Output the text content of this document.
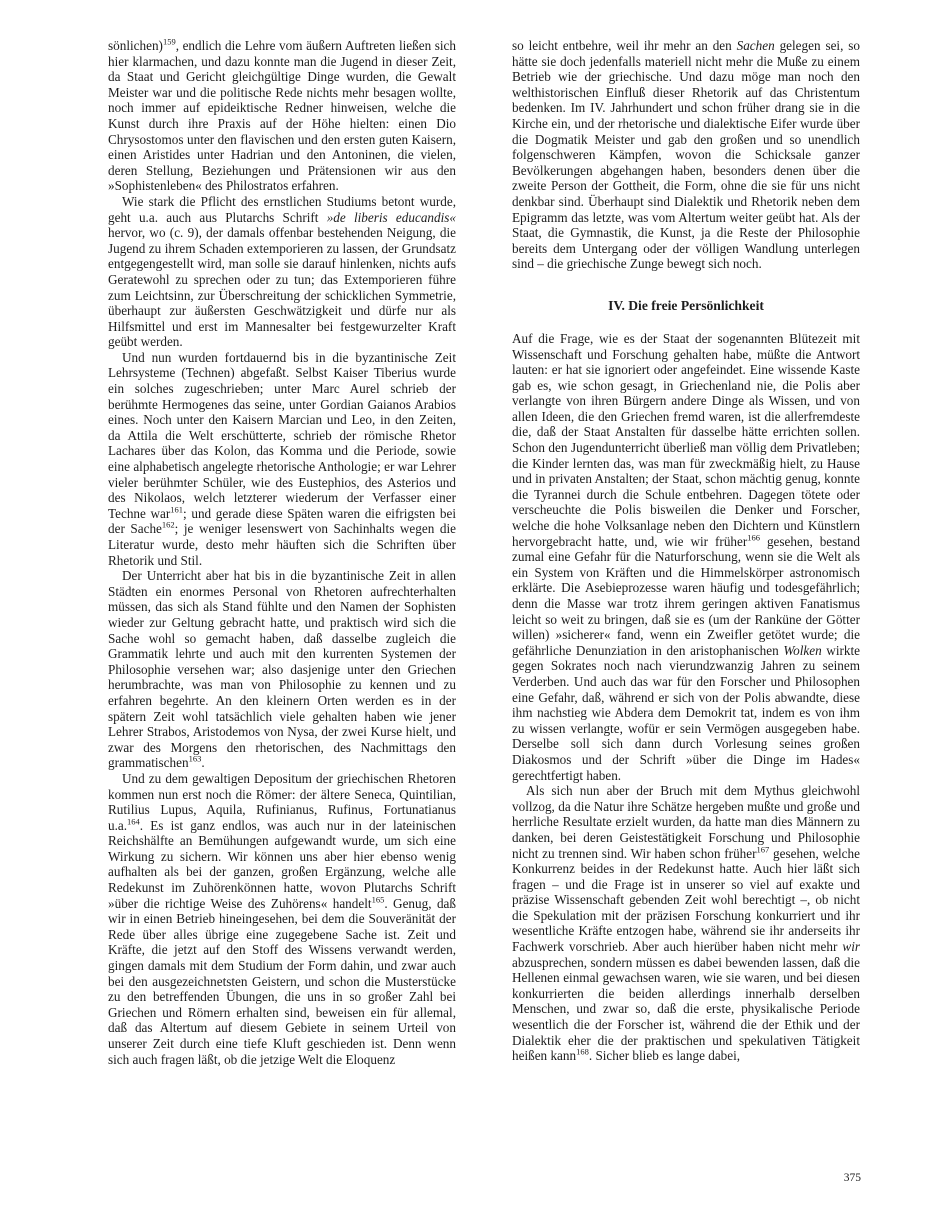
sönlichen)$^{159}$, endlich die Lehre vom äußern Auftreten ließen sich hier klarmachen, und dazu konnte man die Jugend in dieser Zeit, da Staat und Gericht gleichgültige Dinge wurden, die Gewalt Meister war und die politische Rede nichts mehr besagen wollte, noch immer auf epideiktische Redner hinweisen, welche die Kunst durch ihre Praxis auf der Höhe hielten: einen Dio Chrysostomos unter den flavischen und den ersten guten Kaisern, einen Aristides unter Hadrian und den Antoninen, die vielen, deren Stellung, Beziehungen und Prätensionen wir aus den »Sophistenleben« des Philostratos erfahren.

Wie stark die Pflicht des ernstlichen Studiums betont wurde, geht u.a. auch aus Plutarchs Schrift »de liberis educandis« hervor, wo (c. 9), der damals offenbar bestehenden Neigung, die Jugend zu ihrem Schaden extemporieren zu lassen, der Grundsatz entgegengestellt wird, man solle sie darauf hinlenken, nichts aufs Geratewohl zu sprechen oder zu tun; das Extemporieren führe zum Leichtsinn, zur Überschreitung der schicklichen Symmetrie, überhaupt zur äußersten Geschwätzigkeit und dürfe nur als Hilfsmittel und erst im Mannesalter bei festgewurzelter Kraft geübt werden.

Und nun wurden fortdauernd bis in die byzantinische Zeit Lehrsysteme (Technen) abgefaßt. Selbst Kaiser Tiberius wurde ein solches zugeschrieben; unter Marc Aurel schrieb der berühmte Hermogenes das seine, unter Gordian Gaianos Arabios eines. Noch unter den Kaisern Marcian und Leo, in den Zeiten, da Attila die Welt erschütterte, schrieb der römische Rhetor Lachares über das Kolon, das Komma und die Periode, sowie eine alphabetisch angelegte rhetorische Anthologie; er war Lehrer vieler berühmter Schüler, wie des Eustephios, des Asterios und des Nikolaos, welch letzterer wiederum der Verfasser einer Techne war$^{161}$; und gerade diese Späten waren die eifrigsten bei der Sache$^{162}$; je weniger lesenswert von Sachinhalts wegen die Literatur wurde, desto mehr häuften sich die Schriften über Rhetorik und Stil.

Der Unterricht aber hat bis in die byzantinische Zeit in allen Städten ein enormes Personal von Rhetoren aufrechterhalten müssen, das sich als Stand fühlte und den Namen der Sophisten wieder zur Geltung gebracht hatte, und praktisch wird sich die Sache wohl so gemacht haben, daß dasselbe zugleich die Grammatik lehrte und auch mit den kurrenten Systemen der Philosophie versehen war; also dasjenige unter den Griechen herumbrachte, was man von Philosophie zu kennen und zu erfahren begehrte. An den kleinern Orten werden es in der spätern Zeit wohl tatsächlich viele gehalten haben wie jener Lehrer Strabos, Aristodemos von Nysa, der zwei Kurse hielt, und zwar des Morgens den rhetorischen, des Nachmittags den grammatischen$^{163}$.

Und zu dem gewaltigen Depositum der griechischen Rhetoren kommen nun erst noch die Römer: der ältere Seneca, Quintilian, Rutilius Lupus, Aquila, Rufinianus, Rufinus, Fortunatianus u.a.$^{164}$. Es ist ganz endlos, was auch nur in der lateinischen Reichshälfte an Bemühungen aufgewandt wurde, um sich eine Wirkung zu sichern. Wir können uns aber hier ebenso wenig aufhalten als bei der ganzen, großen Ergänzung, welche alle Redekunst im Zuhörenkönnen hatte, wovon Plutarchs Schrift »über die richtige Weise des Zuhörens« handelt$^{165}$. Genug, daß wir in einen Betrieb hineingesehen, bei dem die Souveränität der Rede über alles übrige eine zugegebene Sache ist. Zeit und Kräfte, die jetzt auf den Stoff des Wissens verwandt werden, gingen damals mit dem Studium der Form dahin, und zwar auch bei den ausgezeichnetsten Geistern, und schon die Musterstücke zu den betreffenden Übungen, die uns in so großer Zahl bei Griechen und Römern erhalten sind, beweisen ein für allemal, daß das Altertum auf diesem Gebiete in seinem Urteil von unserer Zeit durch eine tiefe Kluft geschieden ist. Denn wenn sich auch fragen läßt, ob die jetzige Welt die Eloquenz

so leicht entbehre, weil ihr mehr an den Sachen gelegen sei, so hätte sie doch jedenfalls materiell nicht mehr die Muße zu einem Betrieb wie der griechische. Und dazu möge man noch den welthistorischen Einfluß dieser Rhetorik auf das Christentum bedenken. Im IV. Jahrhundert und schon früher drang sie in die Kirche ein, und der rhetorische und dialektische Eifer wurde über die Dogmatik Meister und gab den großen und so unendlich folgenschweren Kämpfen, wovon die Schicksale ganzer Bevölkerungen abgehangen haben, besonders denen über die zweite Person der Gottheit, die Form, ohne die sie für uns nicht denkbar sind. Überhaupt sind Dialektik und Rhetorik neben dem Epigramm das letzte, was vom Altertum weiter geübt hat. Als der Staat, die Gymnastik, die Kunst, ja die Reste der Philosophie bereits dem Untergang oder der völligen Wandlung unterlegen sind – die griechische Zunge bewegt sich noch.

IV. Die freie Persönlichkeit

Auf die Frage, wie es der Staat der sogenannten Blütezeit mit Wissenschaft und Forschung gehalten habe, müßte die Antwort lauten: er hat sie ignoriert oder angefeindet. Eine wissende Kaste gab es, wie schon gesagt, in Griechenland nie, die Polis aber verlangte von ihren Bürgern andere Dinge als Wissen, und von allen Ideen, die den Griechen fremd waren, ist die allerfremdeste die, daß der Staat Anstalten für dasselbe hätte errichten sollen. Schon den Jugendunterricht überließ man völlig dem Privatleben; die Kinder lernten das, was man für zweckmäßig hielt, zu Hause und in privaten Anstalten; der Staat, schon mächtig genug, konnte die Tyrannei durch die Schule entbehren. Dagegen tötete oder verscheuchte die Polis bisweilen die Denker und Forscher, welche die hohe Volksanlage neben den Dichtern und Künstlern hervorgebracht hatte, und, wie wir früher$^{166}$ gesehen, bestand zumal eine Gefahr für die Naturforschung, wenn sie die Welt als ein System von Kräften und die Himmelskörper astronomisch erklärte. Die Asebieprozesse waren häufig und todesgefährlich; denn die Masse war trotz ihrem geringen aktiven Fanatismus leicht so weit zu bringen, daß sie es (um der Ranküne der Götter willen) »sicherer« fand, wenn ein Zweifler getötet wurde; die gefährliche Denunziation in den aristophanischen Wolken wirkte gegen Sokrates noch nach vierundzwanzig Jahren zu seinem Verderben. Und auch das war für den Forscher und Philosophen eine Gefahr, daß, während er sich von der Polis abwandte, diese ihm nachstieg wie Abdera dem Demokrit tat, indem es von ihm zu wissen verlangte, wofür er sein Vermögen ausgegeben habe. Derselbe soll sich dann durch Vorlesung seines großen Diakosmos und der Schrift »über die Dinge im Hades« gerechtfertigt haben.

Als sich nun aber der Bruch mit dem Mythus gleichwohl vollzog, da die Natur ihre Schätze hergeben mußte und große und herrliche Resultate erzielt wurden, da hatte man dies Männern zu danken, bei deren Geistestätigkeit Forschung und Philosophie nicht zu trennen sind. Wir haben schon früher$^{167}$ gesehen, welche Konkurrenz beides in der Redekunst hatte. Auch hier läßt sich fragen – und die Frage ist in unserer so viel auf exakte und präzise Wissenschaft gebenden Zeit wohl berechtigt –, ob nicht die Spekulation mit der präzisen Forschung konkurriert und ihr wesentliche Kräfte entzogen habe, während sie ihr anderseits ihr Fachwerk vorschrieb. Aber auch hierüber haben nicht mehr wir abzusprechen, sondern müssen es dabei bewenden lassen, daß die Hellenen einmal gewachsen waren, wie sie waren, und bei diesen konkurrierten die beiden allerdings innerhalb derselben Menschen, und zwar so, daß die erste, physikalische Periode wesentlich die der Forscher ist, während die der Ethik und der Dialektik eher die der praktischen und spekulativen Tätigkeit heißen kann$^{168}$. Sicher blieb es lange dabei,

375
